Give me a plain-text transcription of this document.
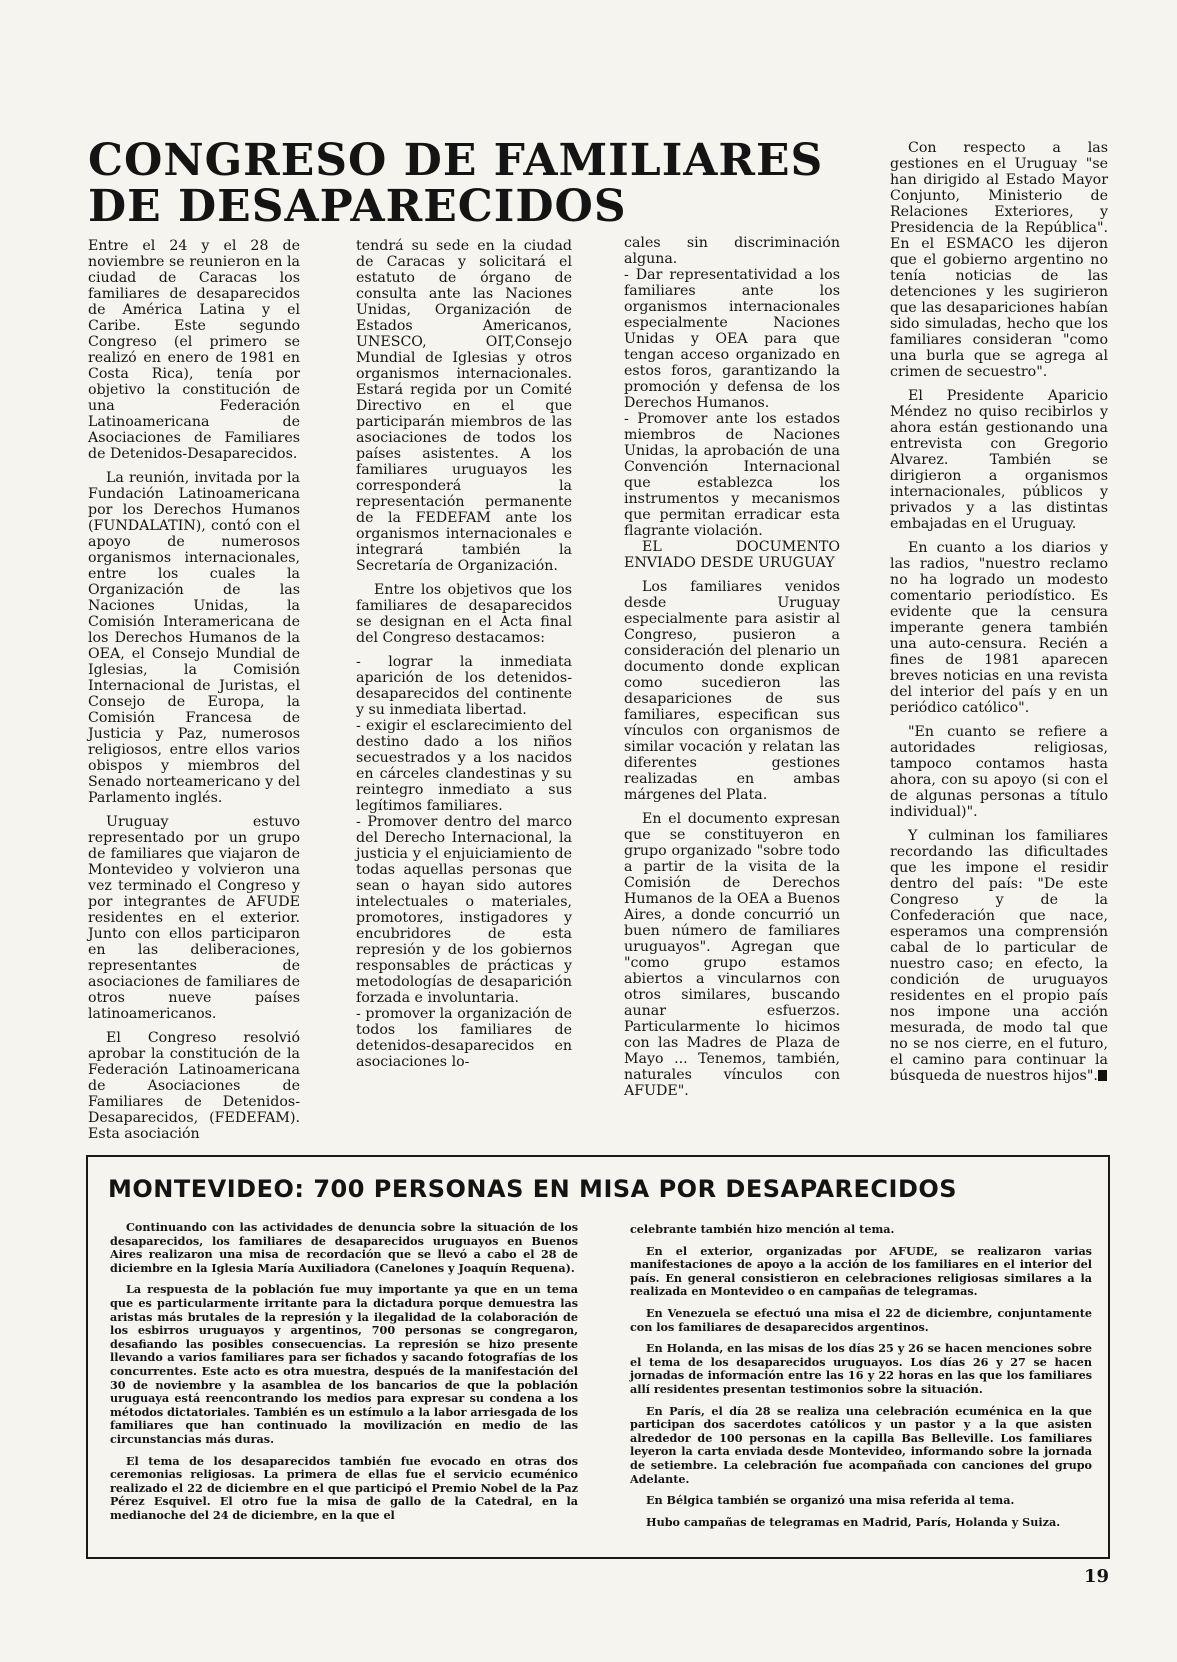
CONGRESO DE FAMILIARES
DE DESAPARECIDOS

Entre el 24 y el 28 de noviembre se reunieron en la ciudad de Caracas los familiares de desaparecidos de América Latina y el Caribe. Este segundo Congreso (el primero se realizó en enero de 1981 en Costa Rica), tenía por objetivo la constitución de una Federación Latinoamericana de Asociaciones de Familiares de Detenidos-Desaparecidos.

La reunión, invitada por la Fundación Latinoamericana por los Derechos Humanos (FUNDALATIN), contó con el apoyo de numerosos organismos internacionales, entre los cuales la Organización de las Naciones Unidas, la Comisión Interamericana de los Derechos Humanos de la OEA, el Consejo Mundial de Iglesias, la Comisión Internacional de Juristas, el Consejo de Europa, la Comisión Francesa de Justicia y Paz, numerosos religiosos, entre ellos varios obispos y miembros del Senado norteamericano y del Parlamento inglés.

Uruguay estuvo representado por un grupo de familiares que viajaron de Montevideo y volvieron una vez terminado el Congreso y por integrantes de AFUDE residentes en el exterior. Junto con ellos participaron en las deliberaciones, representantes de asociaciones de familiares de otros nueve países latinoamericanos.

El Congreso resolvió aprobar la constitución de la Federación Latinoamericana de Asociaciones de Familiares de Detenidos-Desaparecidos, (FEDEFAM). Esta asociación

tendrá su sede en la ciudad de Caracas y solicitará el estatuto de órgano de consulta ante las Naciones Unidas, Organización de Estados Americanos, UNESCO, OIT,Consejo Mundial de Iglesias y otros organismos internacionales. Estará regida por un Comité Directivo en el que participarán miembros de las asociaciones de todos los países asistentes. A los familiares uruguayos les corresponderá la representación permanente de la FEDEFAM ante los organismos internacionales e integrará también la Secretaría de Organización.

Entre los objetivos que los familiares de desaparecidos se designan en el Acta final del Congreso destacamos:

- lograr la inmediata aparición de los detenidos-desaparecidos del continente y su inmediata libertad.

- exigir el esclarecimiento del destino dado a los niños secuestrados y a los nacidos en cárceles clandestinas y su reintegro inmediato a sus legítimos familiares.

- Promover dentro del marco del Derecho Internacional, la justicia y el enjuiciamiento de todas aquellas personas que sean o hayan sido autores intelectuales o materiales, promotores, instigadores y encubridores de esta represión y de los gobiernos responsables de prácticas y metodologías de desaparición forzada e involuntaria.

- promover la organización de todos los familiares de detenidos-desaparecidos en asociaciones lo-

cales sin discriminación alguna.

- Dar representatividad a los familiares ante los organismos internacionales especialmente Naciones Unidas y OEA para que tengan acceso organizado en estos foros, garantizando la promoción y defensa de los Derechos Humanos.

- Promover ante los estados miembros de Naciones Unidas, la aprobación de una Convención Internacional que establezca los instrumentos y mecanismos que permitan erradicar esta flagrante violación.

EL DOCUMENTO ENVIADO DESDE URUGUAY

Los familiares venidos desde Uruguay especialmente para asistir al Congreso, pusieron a consideración del plenario un documento donde explican como sucedieron las desapariciones de sus familiares, especifican sus vínculos con organismos de similar vocación y relatan las diferentes gestiones realizadas en ambas márgenes del Plata.

En el documento expresan que se constituyeron en grupo organizado "sobre todo a partir de la visita de la Comisión de Derechos Humanos de la OEA a Buenos Aires, a donde concurrió un buen número de familiares uruguayos". Agregan que "como grupo estamos abiertos a vincularnos con otros similares, buscando aunar esfuerzos. Particularmente lo hicimos con las Madres de Plaza de Mayo ... Tenemos, también, naturales vínculos con AFUDE".

Con respecto a las gestiones en el Uruguay "se han dirigido al Estado Mayor Conjunto, Ministerio de Relaciones Exteriores, y Presidencia de la República". En el ESMACO les dijeron que el gobierno argentino no tenía noticias de las detenciones y les sugirieron que las desapariciones habían sido simuladas, hecho que los familiares consideran "como una burla que se agrega al crimen de secuestro".

El Presidente Aparicio Méndez no quiso recibirlos y ahora están gestionando una entrevista con Gregorio Alvarez. También se dirigieron a organismos internacionales, públicos y privados y a las distintas embajadas en el Uruguay.

En cuanto a los diarios y las radios, "nuestro reclamo no ha logrado un modesto comentario periodístico. Es evidente que la censura imperante genera también una auto-censura. Recién a fines de 1981 aparecen breves noticias en una revista del interior del país y en un periódico católico".

"En cuanto se refiere a autoridades religiosas, tampoco contamos hasta ahora, con su apoyo (si con el de algunas personas a título individual)".

Y culminan los familiares recordando las dificultades que les impone el residir dentro del país: "De este Congreso y de la Confederación que nace, esperamos una comprensión cabal de lo particular de nuestro caso; en efecto, la condición de uruguayos residentes en el propio país nos impone una acción mesurada, de modo tal que no se nos cierre, en el futuro, el camino para continuar la búsqueda de nuestros hijos".

MONTEVIDEO: 700 PERSONAS EN MISA POR DESAPARECIDOS

Continuando con las actividades de denuncia sobre la situación de los desaparecidos, los familiares de desaparecidos uruguayos en Buenos Aires realizaron una misa de recordación que se llevó a cabo el 28 de diciembre en la Iglesia María Auxiliadora (Canelones y Joaquín Requena).

La respuesta de la población fue muy importante ya que en un tema que es particularmente irritante para la dictadura porque demuestra las aristas más brutales de la represión y la ilegalidad de la colaboración de los esbirros uruguayos y argentinos, 700 personas se congregaron, desafiando las posibles consecuencias. La represión se hizo presente llevando a varios familiares para ser fichados y sacando fotografías de los concurrentes. Este acto es otra muestra, después de la manifestación del 30 de noviembre y la asamblea de los bancarios de que la población uruguaya está reencontrando los medios para expresar su condena a los métodos dictatoriales. También es un estímulo a la labor arriesgada de los familiares que han continuado la movilización en medio de las circunstancias más duras.

El tema de los desaparecidos también fue evocado en otras dos ceremonias religiosas. La primera de ellas fue el servicio ecuménico realizado el 22 de diciembre en el que participó el Premio Nobel de la Paz Pérez Esquivel. El otro fue la misa de gallo de la Catedral, en la medianoche del 24 de diciembre, en la que el

celebrante también hizo mención al tema.

En el exterior, organizadas por AFUDE, se realizaron varias manifestaciones de apoyo a la acción de los familiares en el interior del país. En general consistieron en celebraciones religiosas similares a la realizada en Montevideo o en campañas de telegramas.

En Venezuela se efectuó una misa el 22 de diciembre, conjuntamente con los familiares de desaparecidos argentinos.

En Holanda, en las misas de los días 25 y 26 se hacen menciones sobre el tema de los desaparecidos uruguayos. Los días 26 y 27 se hacen jornadas de información entre las 16 y 22 horas en las que los familiares allí residentes presentan testimonios sobre la situación.

En París, el día 28 se realiza una celebración ecuménica en la que participan dos sacerdotes católicos y un pastor y a la que asisten alrededor de 100 personas en la capilla Bas Belleville. Los familiares leyeron la carta enviada desde Montevideo, informando sobre la jornada de setiembre. La celebración fue acompañada con canciones del grupo Adelante.

En Bélgica también se organizó una misa referida al tema.

Hubo campañas de telegramas en Madrid, París, Holanda y Suiza.

19
